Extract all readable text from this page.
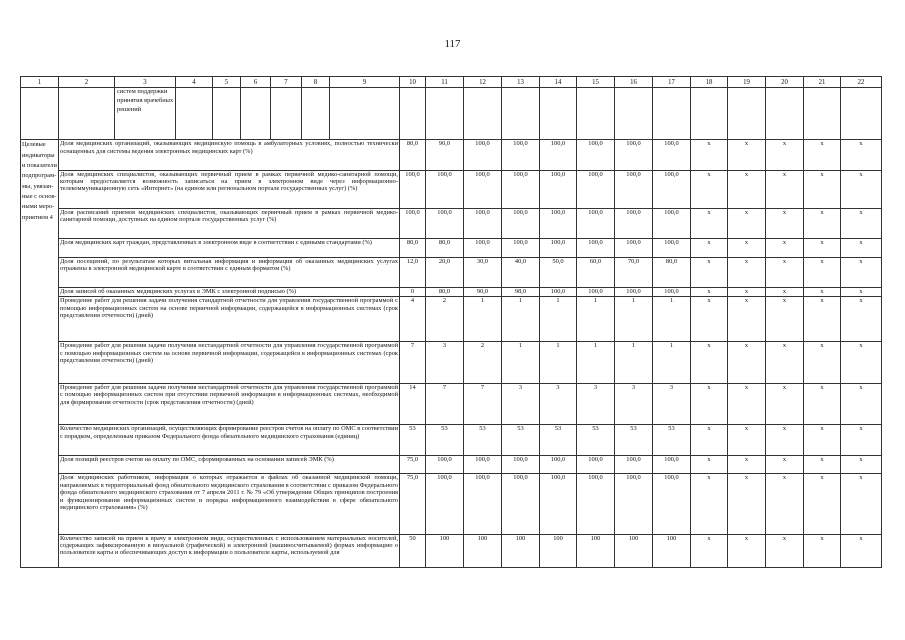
117
1	2	3	4	5	6	7	8	9	10	11	12	13	14	15	16	17	18	19	20	21	22
		систем поддержки принятия врачебных решений																			
Целевые индикаторы и показатели подпрограммы, увязанные с основными мероприятием 4	Доля медицинских организаций, оказывающих медицинскую помощь в амбулаторных условиях, полностью технически оснащенных для системы ведения электронных медицинских карт (%)								80,0	90,0	100,0	100,0	100,0	100,0	100,0	100,0	х	х	х	х	х
	Доля медицинских специалистов, оказывающих первичный прием в рамках первичной медико-санитарной помощи, которым предоставляется возможность записаться на прием в электронном виде через информационно-телекоммуникационную сеть «Интернет» (на едином или региональном портале государственных услуг) (%)								100,0	100,0	100,0	100,0	100,0	100,0	100,0	100,0	х	х	х	х	х
	Доля расписаний приемов медицинских специалистов, оказывающих первичный прием в рамках первичной медико-санитарной помощи, доступных на едином портале государственных услуг (%)								100,0	100,0	100,0	100,0	100,0	100,0	100,0	100,0	х	х	х	х	х
	Доля медицинских карт граждан, представленных в электронном виде в соответствии с едиными стандартами (%)								80,0	80,0	100,0	100,0	100,0	100,0	100,0	100,0	х	х	х	х	х
	Доля посещений, по результатам которых витальная информация и информация об оказанных медицинских услугах отражены в электронной медицинской карте в соответствии с единым форматом (%)								12,0	20,0	30,0	40,0	50,0	60,0	70,0	80,0	х	х	х	х	х
	Доля записей об оказанных медицинских услугах в ЭМК с электронной подписью (%)								0	80,0	90,0	98,0	100,0	100,0	100,0	100,0	х	х	х	х	х
	Проведение работ для решения задачи получения стандартной отчетности для управления государственной программой с помощью информационных систем на основе первичной информации, содержащейся в информационных системах (срок представления отчетности) (дней)								4	2	1	1	1	1	1	1	х	х	х	х	х
	Проведение работ для решения задачи получения нестандартной отчетности для управления государственной программой с помощью информационных систем на основе первичной информации, содержащейся в информационных системах (срок представления отчетности) (дней)								7	3	2	1	1	1	1	1	х	х	х	х	х
	Проведение работ для решения задачи получения нестандартной отчетности для управления государственной программой с помощью информационных систем при отсутствии первичной информации в информационных системах, необходимой для формирования отчетности (срок представления отчетности) (дней)								14	7	7	3	3	3	3	3	х	х	х	х	х
	Количество медицинских организаций, осуществляющих формирование реестров счетов на оплату по ОМС в соответствии с порядком, определенным приказом Федерального фонда обязательного медицинского страхования (единиц)								53	53	53	53	53	53	53	53	х	х	х	х	х
	Доля позиций реестров счетов на оплату по ОМС, сформированных на основании записей ЭМК (%)								75,0	100,0	100,0	100,0	100,0	100,0	100,0	100,0	х	х	х	х	х
	Доля медицинских работников, информация о которых отражается в файлах об оказанной медицинской помощи, направляемых в территориальный фонд обязательного медицинского страхования в соответствии с приказом Федерального фонда обязательного медицинского страхования от 7 апреля 2011 г. № 79 «Об утверждении Общих принципов построения и функционирования информационных систем и порядка информационного взаимодействия в сфере обязательного медицинского страхования» (%)								75,0	100,0	100,0	100,0	100,0	100,0	100,0	100,0	х	х	х	х	х
	Количество записей на прием к врачу в электронном виде, осуществленных с использованием материальных носителей, содержащих зафиксированную в визуальной (графической) и электронной (машиносчитываемой) формах информацию о пользователе карты и обеспечивающих доступ к информации о пользователе карты, используемой для								50	100	100	100	100	100	100	100	х	х	х	х	х
